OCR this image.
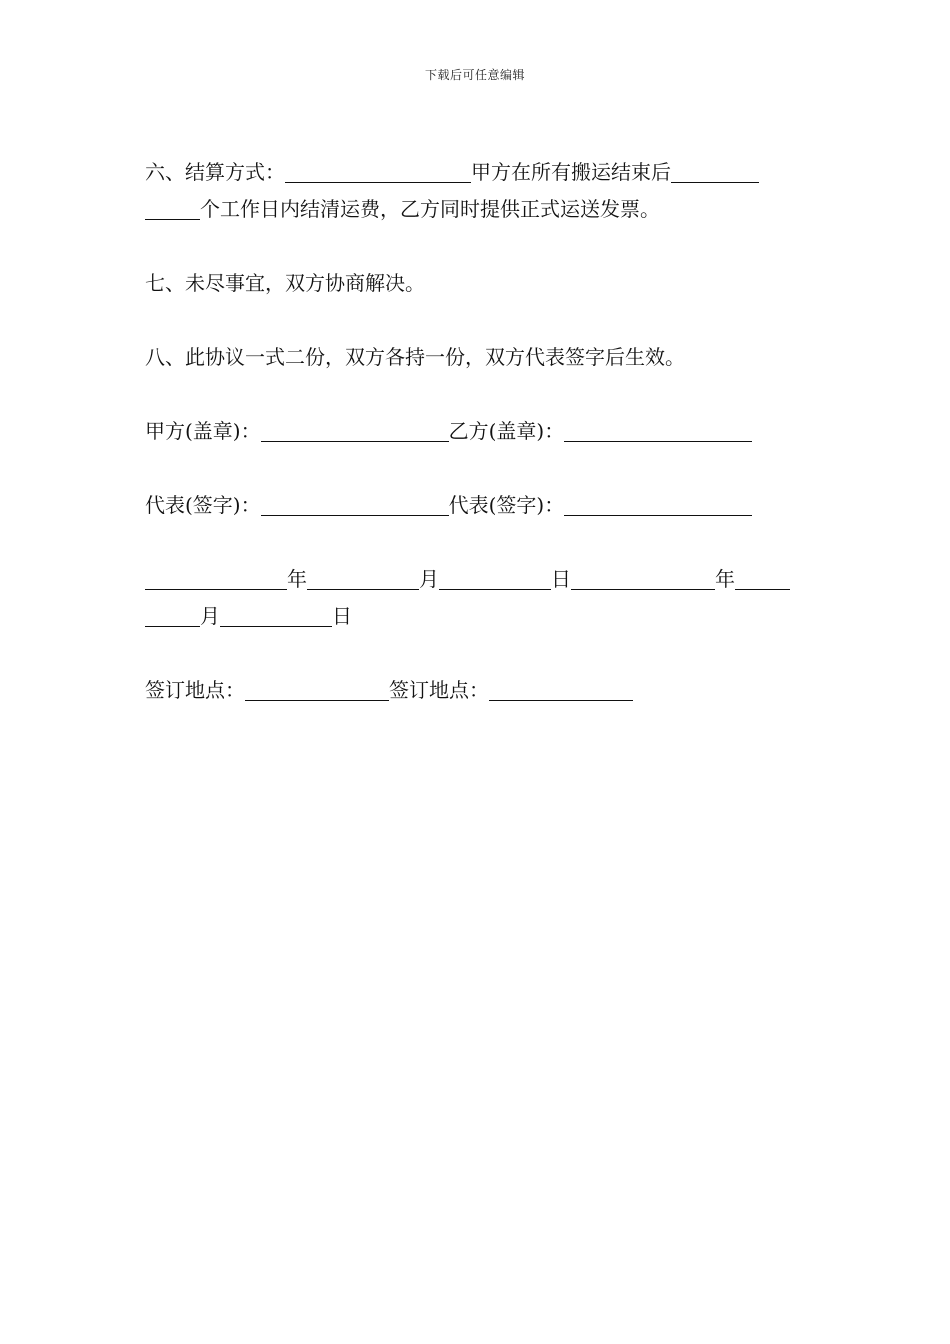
下载后可任意编辑
六、结算方式：	甲方在所有搬运结束后
个工作日内结清运费，乙方同时提供正式运送发票。
七、未尽事宜，双方协商解决。
八、此协议一式二份，双方各持一份，双方代表签字后生效。
甲方(盖章)：	乙方(盖章)：
代表(签字)：	代表(签字)：
年	月	日	年
月	日
签订地点：	签订地点：
